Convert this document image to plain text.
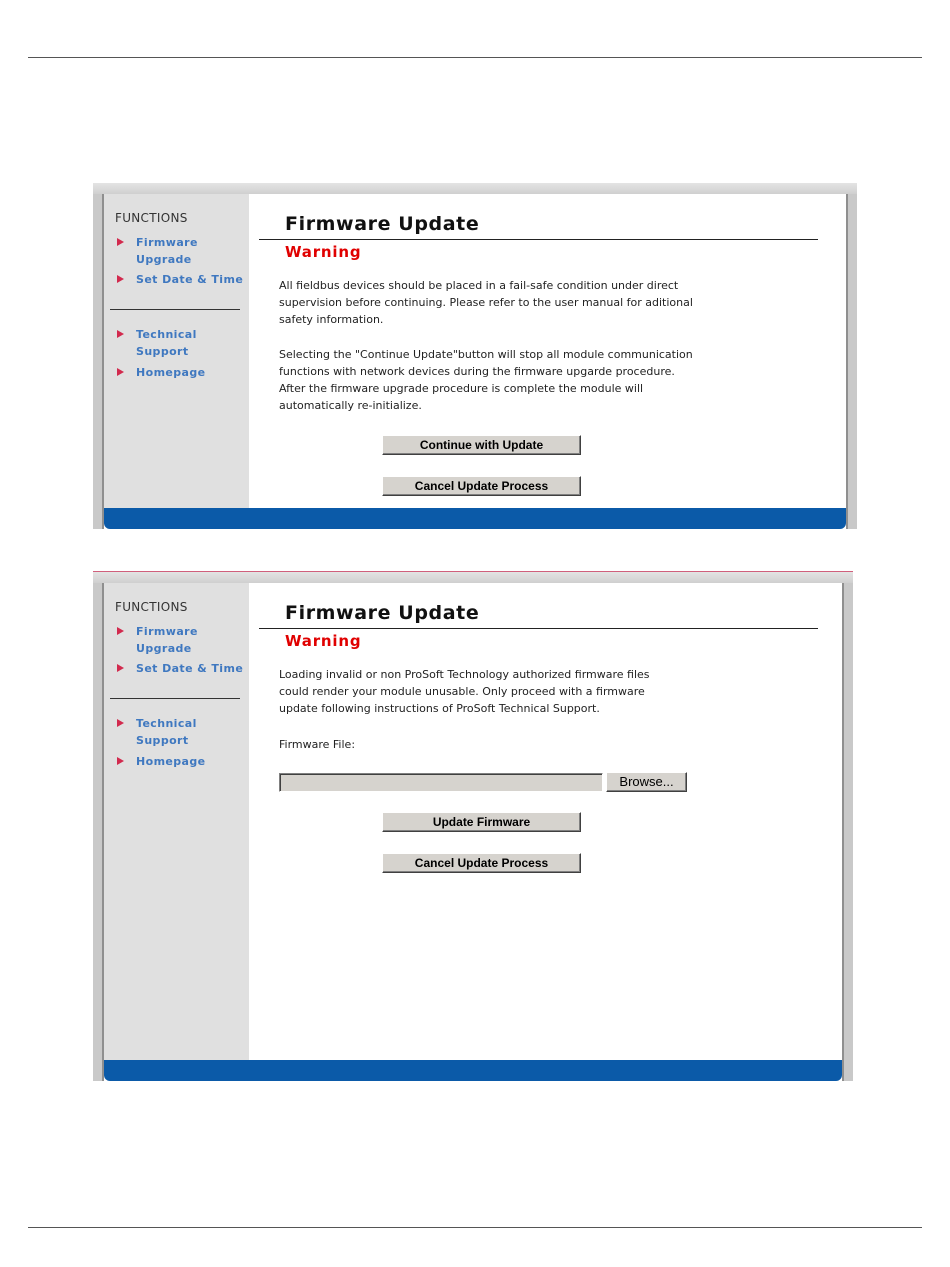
FUNCTIONS
Firmware
Upgrade
Set Date & Time
Technical
Support
Homepage
Firmware Update
Warning

All fieldbus devices should be placed in a fail-safe condition under direct supervision before continuing. Please refer to the user manual for aditional safety information.

Selecting the "Continue Update"button will stop all module communication functions with network devices during the firmware upgarde procedure. After the firmware upgrade procedure is complete the module will automatically re-initialize.

Continue with Update
Cancel Update Process
FUNCTIONS
Firmware
Upgrade
Set Date & Time
Technical
Support
Homepage
Firmware Update
Warning

Loading invalid or non ProSoft Technology authorized firmware files could render your module unusable. Only proceed with a firmware update following instructions of ProSoft Technical Support.

Firmware File:

Browse...
Update Firmware
Cancel Update Process
